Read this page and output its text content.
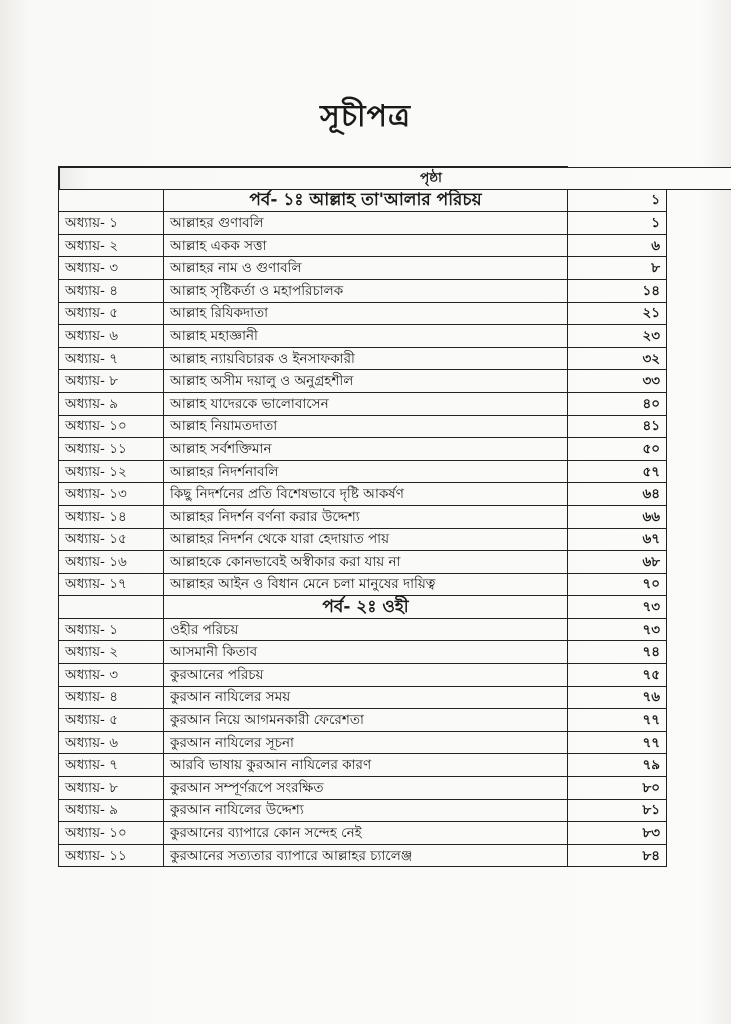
সূচীপত্র

পৃষ্ঠা

	পর্ব- ১ঃ আল্লাহ তা'আলার পরিচয়	১
অধ্যায়- ১	আল্লাহর গুণাবলি	১
অধ্যায়- ২	আল্লাহ একক সত্তা	৬
অধ্যায়- ৩	আল্লাহর নাম ও গুণাবলি	৮
অধ্যায়- ৪	আল্লাহ সৃষ্টিকর্তা ও মহাপরিচালক	১৪
অধ্যায়- ৫	আল্লাহ রিযিকদাতা	২১
অধ্যায়- ৬	আল্লাহ মহাজ্ঞানী	২৩
অধ্যায়- ৭	আল্লাহ ন্যায়বিচারক ও ইনসাফকারী	৩২
অধ্যায়- ৮	আল্লাহ অসীম দয়ালু ও অনুগ্রহশীল	৩৩
অধ্যায়- ৯	আল্লাহ যাদেরকে ভালোবাসেন	৪০
অধ্যায়- ১০	আল্লাহ নিয়ামতদাতা	৪১
অধ্যায়- ১১	আল্লাহ সর্বশক্তিমান	৫০
অধ্যায়- ১২	আল্লাহর নিদর্শনাবলি	৫৭
অধ্যায়- ১৩	কিছু নিদর্শনের প্রতি বিশেষভাবে দৃষ্টি আকর্ষণ	৬৪
অধ্যায়- ১৪	আল্লাহর নিদর্শন বর্ণনা করার উদ্দেশ্য	৬৬
অধ্যায়- ১৫	আল্লাহর নিদর্শন থেকে যারা হেদায়াত পায়	৬৭
অধ্যায়- ১৬	আল্লাহকে কোনভাবেই অস্বীকার করা যায় না	৬৮
অধ্যায়- ১৭	আল্লাহর আইন ও বিধান মেনে চলা মানুষের দায়িত্ব	৭০
	পর্ব- ২ঃ ওহী	৭৩
অধ্যায়- ১	ওহীর পরিচয়	৭৩
অধ্যায়- ২	আসমানী কিতাব	৭৪
অধ্যায়- ৩	কুরআনের পরিচয়	৭৫
অধ্যায়- ৪	কুরআন নাযিলের সময়	৭৬
অধ্যায়- ৫	কুরআন নিয়ে আগমনকারী ফেরেশতা	৭৭
অধ্যায়- ৬	কুরআন নাযিলের সূচনা	৭৭
অধ্যায়- ৭	আরবি ভাষায় কুরআন নাযিলের কারণ	৭৯
অধ্যায়- ৮	কুরআন সম্পূর্ণরূপে সংরক্ষিত	৮০
অধ্যায়- ৯	কুরআন নাযিলের উদ্দেশ্য	৮১
অধ্যায়- ১০	কুরআনের ব্যাপারে কোন সন্দেহ নেই	৮৩
অধ্যায়- ১১	কুরআনের সত্যতার ব্যাপারে আল্লাহর চ্যালেঞ্জ	৮৪
